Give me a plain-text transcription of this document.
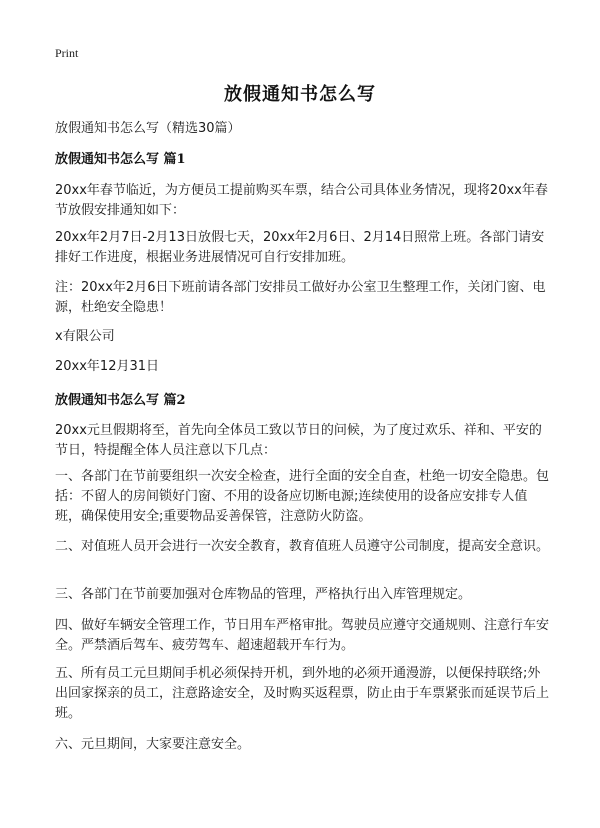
Print
放假通知书怎么写
放假通知书怎么写（精选30篇）
放假通知书怎么写 篇1
20xx年春节临近，为方便员工提前购买车票，结合公司具体业务情况，现将20xx年春节放假安排通知如下：
20xx年2月7日-2月13日放假七天，20xx年2月6日、2月14日照常上班。各部门请安排好工作进度，根据业务进展情况可自行安排加班。
注：20xx年2月6日下班前请各部门安排员工做好办公室卫生整理工作，关闭门窗、电源，杜绝安全隐患！
x有限公司
20xx年12月31日
放假通知书怎么写 篇2
20xx元旦假期将至，首先向全体员工致以节日的问候，为了度过欢乐、祥和、平安的节日，特提醒全体人员注意以下几点：
一、各部门在节前要组织一次安全检查，进行全面的安全自查，杜绝一切安全隐患。包括：不留人的房间锁好门窗、不用的设备应切断电源;连续使用的设备应安排专人值班，确保使用安全;重要物品妥善保管，注意防火防盗。
二、对值班人员开会进行一次安全教育，教育值班人员遵守公司制度，提高安全意识。
三、各部门在节前要加强对仓库物品的管理，严格执行出入库管理规定。
四、做好车辆安全管理工作，节日用车严格审批。驾驶员应遵守交通规则、注意行车安全。严禁酒后驾车、疲劳驾车、超速超载开车行为。
五、所有员工元旦期间手机必须保持开机，到外地的必须开通漫游，以便保持联络;外出回家探亲的员工，注意路途安全，及时购买返程票，防止由于车票紧张而延误节后上班。
六、元旦期间，大家要注意安全。
